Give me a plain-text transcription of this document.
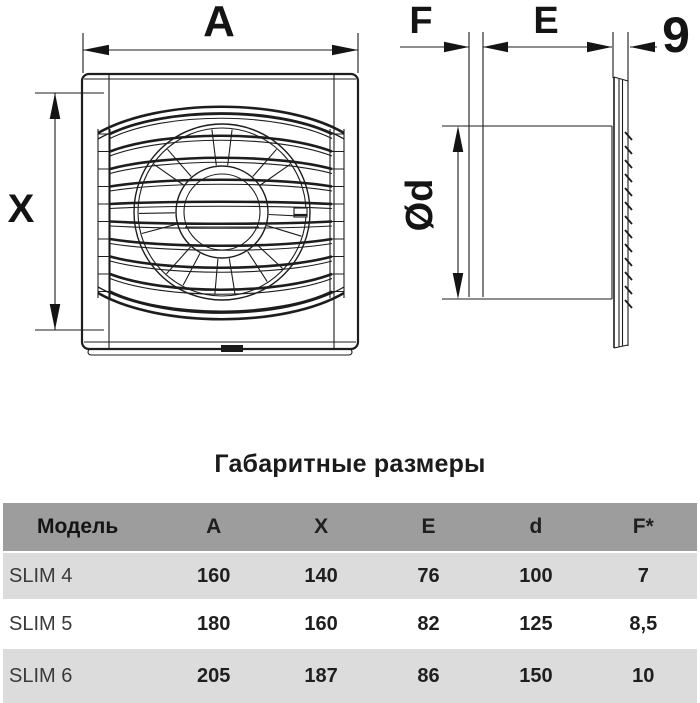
A
X
F	E 9
Ød
Габаритные размеры
Модель	A	X	E	d	F*
SLIM 4	160	140	76	100	7
SLIM 5	180	160	82	125	8,5
SLIM 6	205	187	86	150	10
